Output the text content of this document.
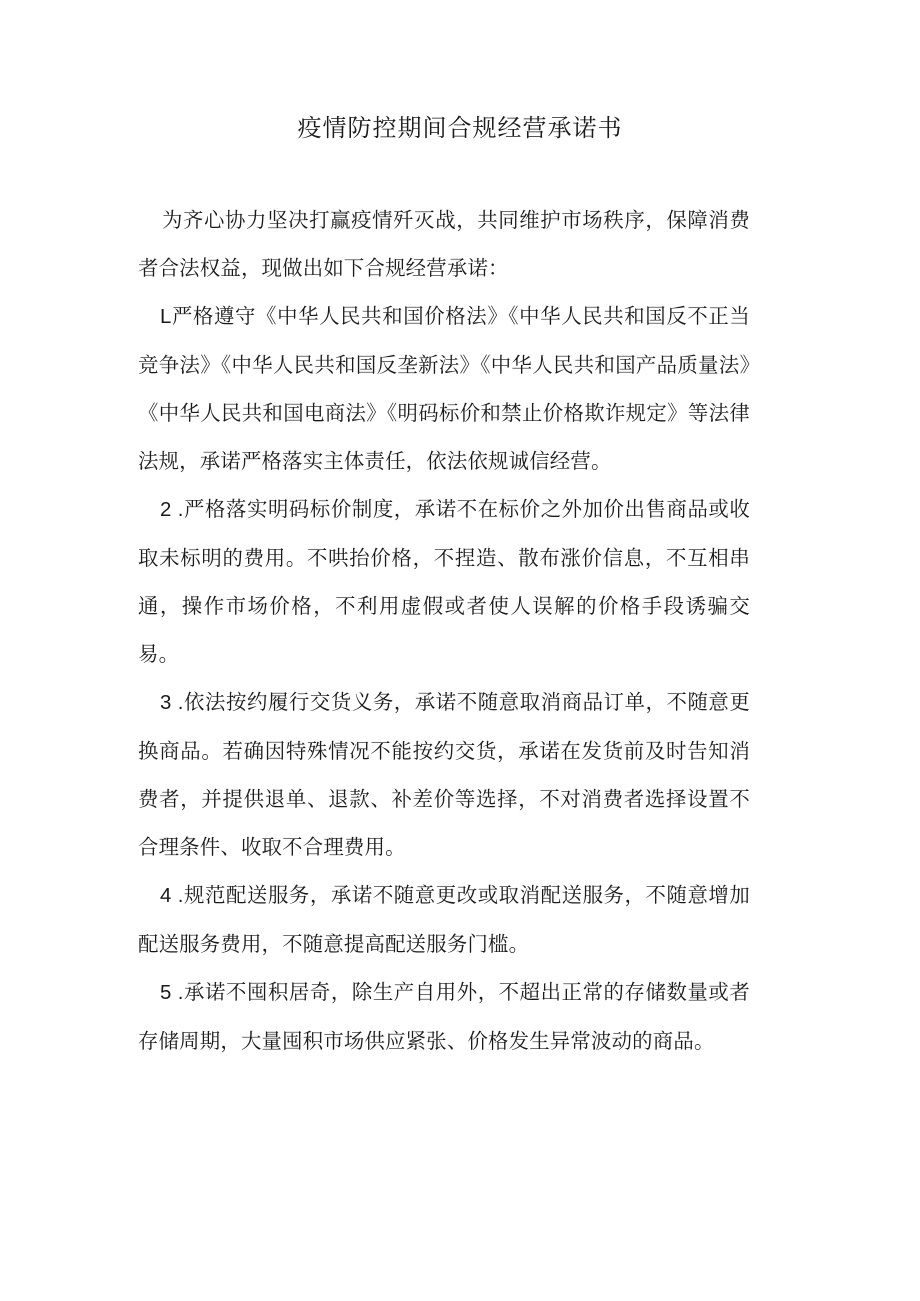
疫情防控期间合规经营承诺书

为齐心协力坚决打赢疫情歼灭战，共同维护市场秩序，保障消费者合法权益，现做出如下合规经营承诺：

L严格遵守《中华人民共和国价格法》《中华人民共和国反不正当竞争法》《中华人民共和国反垄新法》《中华人民共和国产品质量法》《中华人民共和国电商法》《明码标价和禁止价格欺诈规定》等法律法规，承诺严格落实主体责任，依法依规诚信经营。

2 .严格落实明码标价制度，承诺不在标价之外加价出售商品或收取未标明的费用。不哄抬价格，不捏造、散布涨价信息，不互相串通，操作市场价格，不利用虚假或者使人误解的价格手段诱骗交易。

3 .依法按约履行交货义务，承诺不随意取消商品订单，不随意更换商品。若确因特殊情况不能按约交货，承诺在发货前及时告知消费者，并提供退单、退款、补差价等选择，不对消费者选择设置不合理条件、收取不合理费用。

4 .规范配送服务，承诺不随意更改或取消配送服务，不随意增加配送服务费用，不随意提高配送服务门槛。

5 .承诺不囤积居奇，除生产自用外，不超出正常的存储数量或者存储周期，大量囤积市场供应紧张、价格发生异常波动的商品。
